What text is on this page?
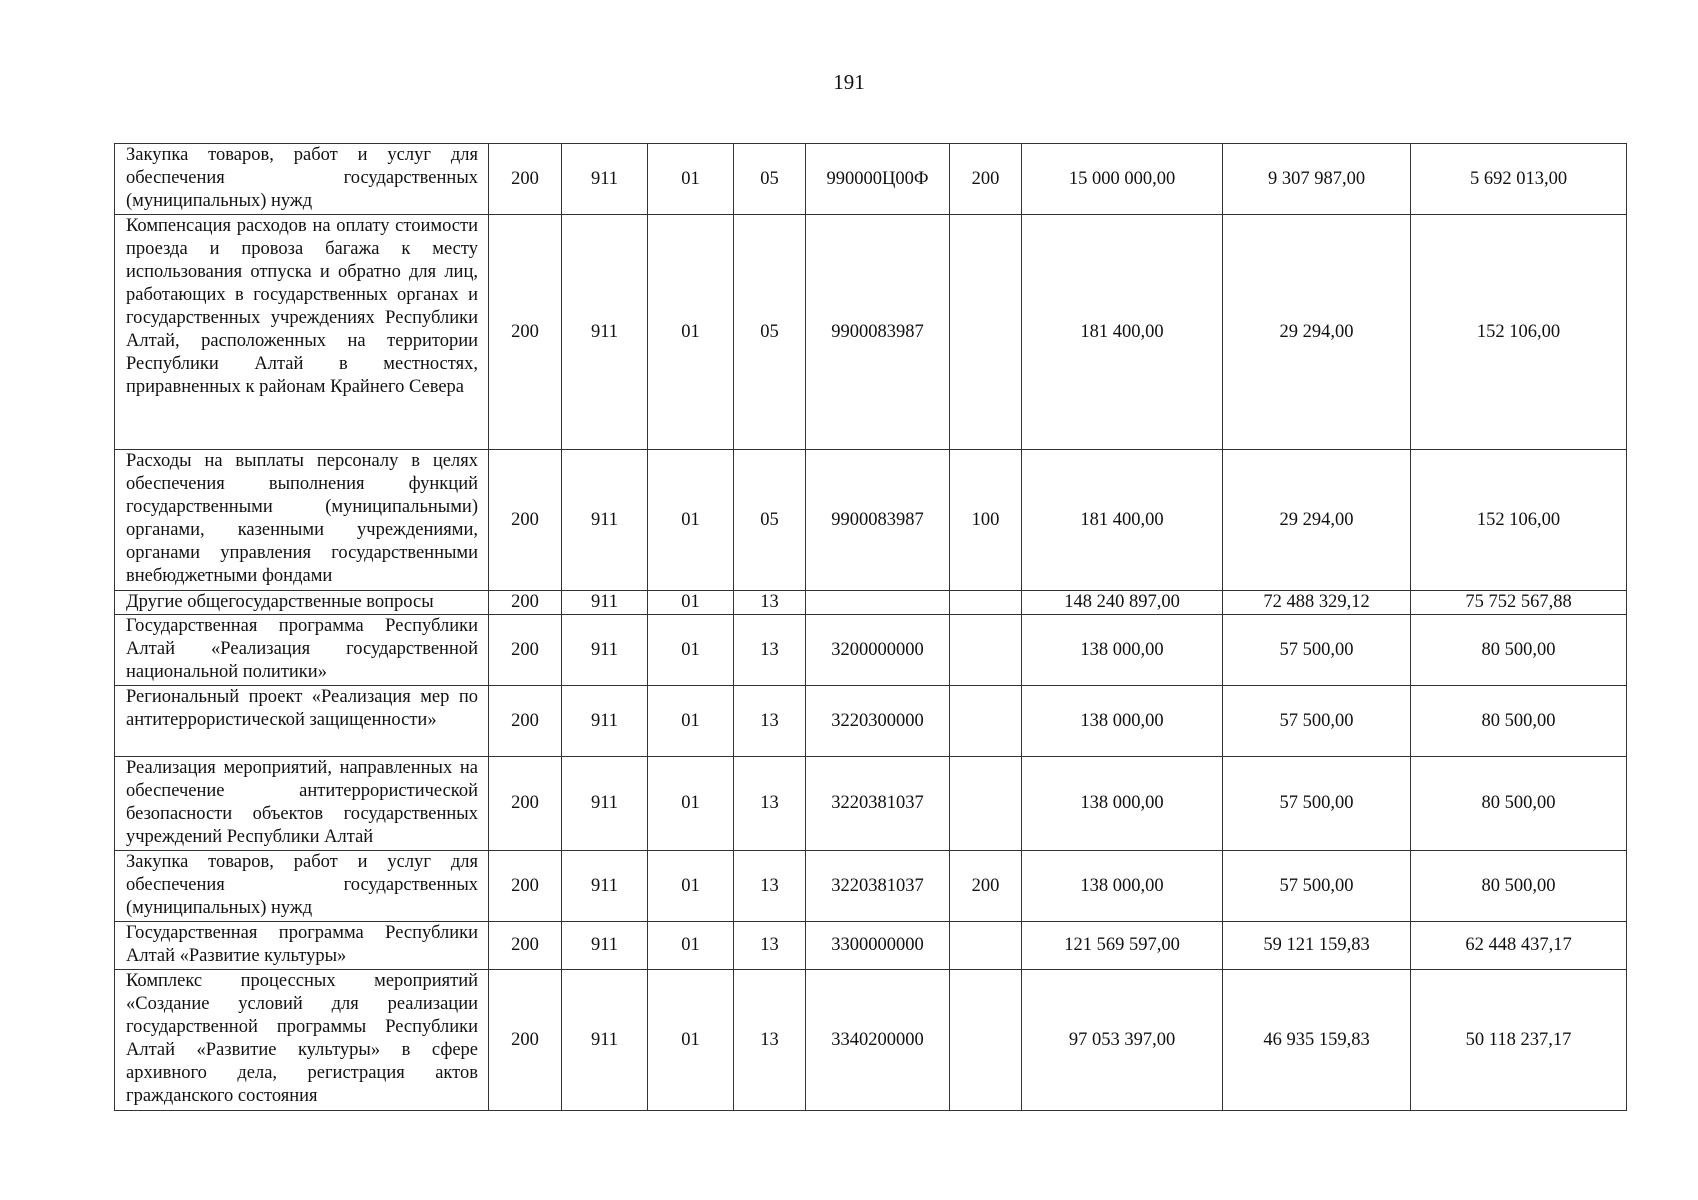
191
Закупка товаров, работ и услуг для обеспечения государственных (муниципальных) нужд	200	911	01	05	990000Ц00Ф	200	15 000 000,00	9 307 987,00	5 692 013,00
Компенсация расходов на оплату стоимости проезда и провоза багажа к месту использования отпуска и обратно для лиц, работающих в государственных органах и государственных учреждениях Республики Алтай, расположенных на территории Республики Алтай в местностях, приравненных к районам Крайнего Севера	200	911	01	05	9900083987		181 400,00	29 294,00	152 106,00
Расходы на выплаты персоналу в целях обеспечения выполнения функций государственными (муниципальными) органами, казенными учреждениями, органами управления государственными внебюджетными фондами	200	911	01	05	9900083987	100	181 400,00	29 294,00	152 106,00
Другие общегосударственные вопросы	200	911	01	13			148 240 897,00	72 488 329,12	75 752 567,88
Государственная программа Республики Алтай «Реализация государственной национальной политики»	200	911	01	13	3200000000		138 000,00	57 500,00	80 500,00
Региональный проект «Реализация мер по антитеррористической защищенности»	200	911	01	13	3220300000		138 000,00	57 500,00	80 500,00
Реализация мероприятий, направленных на обеспечение антитеррористической безопасности объектов государственных учреждений Республики Алтай	200	911	01	13	3220381037		138 000,00	57 500,00	80 500,00
Закупка товаров, работ и услуг для обеспечения государственных (муниципальных) нужд	200	911	01	13	3220381037	200	138 000,00	57 500,00	80 500,00
Государственная программа Республики Алтай «Развитие культуры»	200	911	01	13	3300000000		121 569 597,00	59 121 159,83	62 448 437,17
Комплекс процессных мероприятий «Создание условий для реализации государственной программы Республики Алтай «Развитие культуры» в сфере архивного дела, регистрация актов гражданского состояния	200	911	01	13	3340200000		97 053 397,00	46 935 159,83	50 118 237,17
